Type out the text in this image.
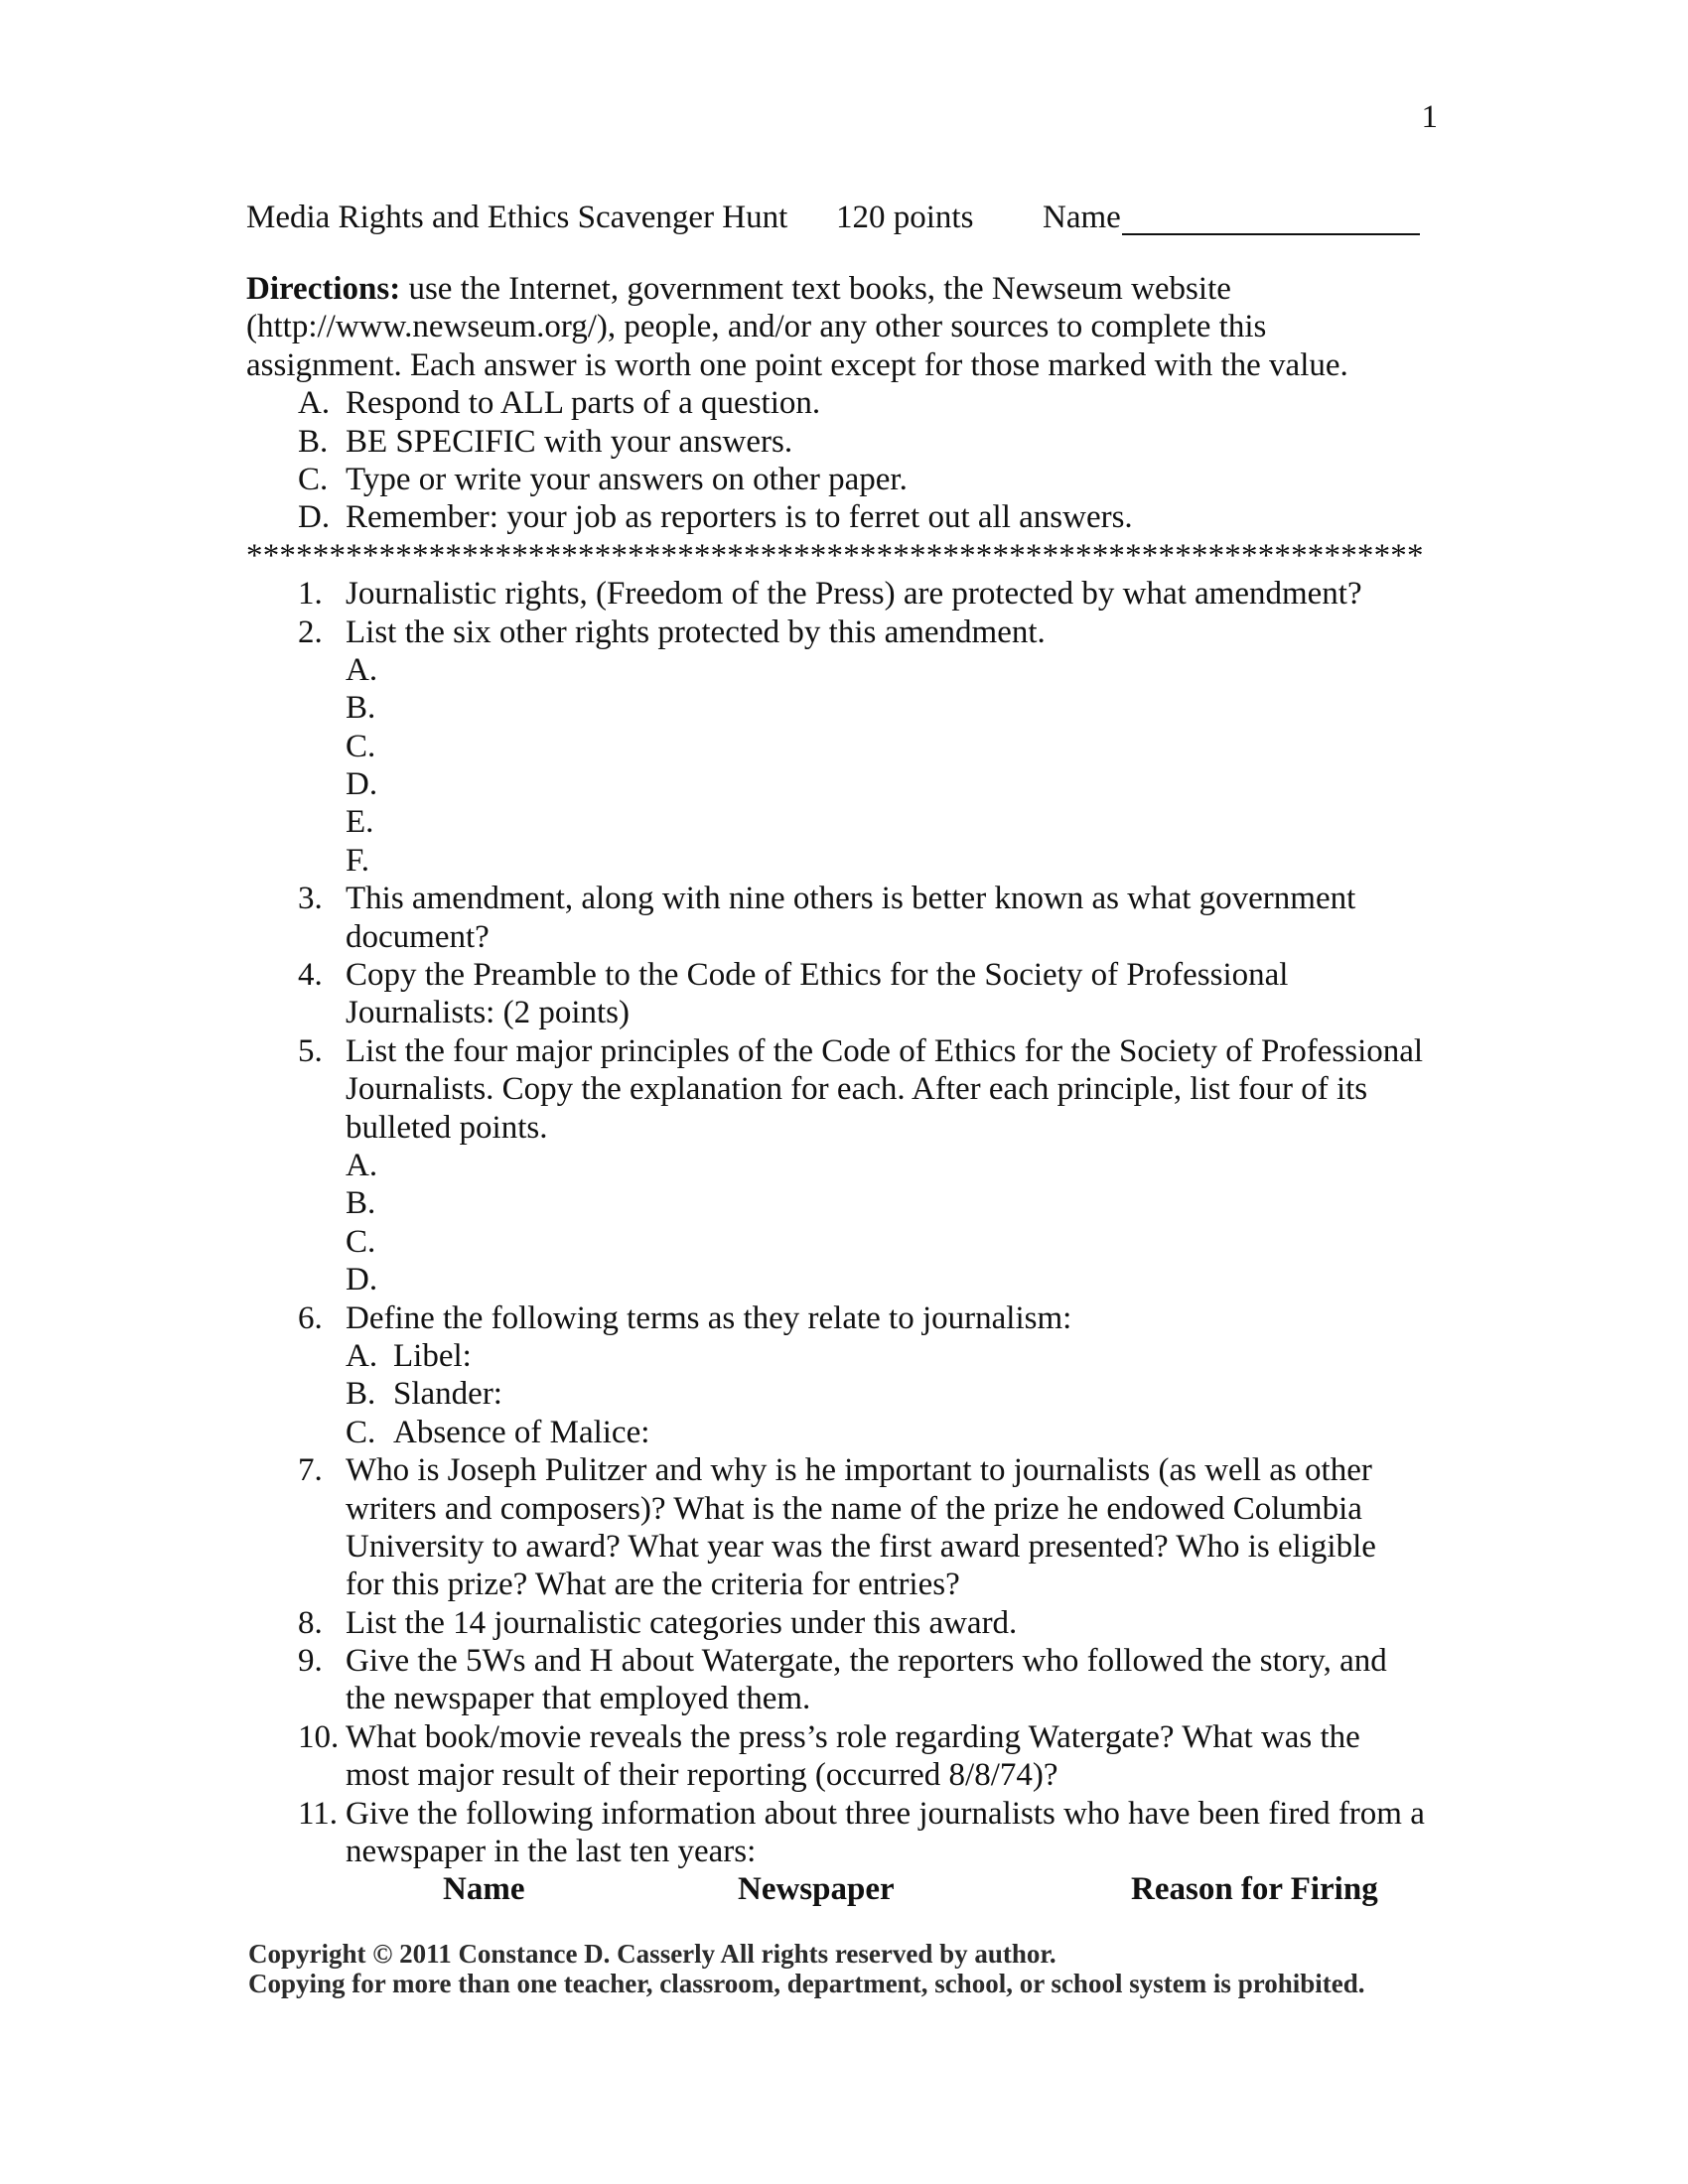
1
Media Rights and Ethics Scavenger Hunt 120 points Name
Directions: use the Internet, government text books, the Newseum website
(http://www.newseum.org/), people, and/or any other sources to complete this
assignment. Each answer is worth one point except for those marked with the value.
A. Respond to ALL parts of a question.
B. BE SPECIFIC with your answers.
C. Type or write your answers on other paper.
D. Remember: your job as reporters is to ferret out all answers.
***********************************************************************
1. Journalistic rights, (Freedom of the Press) are protected by what amendment?
2. List the six other rights protected by this amendment.
A.
B.
C.
D.
E.
F.
3. This amendment, along with nine others is better known as what government
document?
4. Copy the Preamble to the Code of Ethics for the Society of Professional
Journalists: (2 points)
5. List the four major principles of the Code of Ethics for the Society of Professional
Journalists. Copy the explanation for each. After each principle, list four of its
bulleted points.
A.
B.
C.
D.
6. Define the following terms as they relate to journalism:
A. Libel:
B. Slander:
C. Absence of Malice:
7. Who is Joseph Pulitzer and why is he important to journalists (as well as other
writers and composers)? What is the name of the prize he endowed Columbia
University to award? What year was the first award presented? Who is eligible
for this prize? What are the criteria for entries?
8. List the 14 journalistic categories under this award.
9. Give the 5Ws and H about Watergate, the reporters who followed the story, and
the newspaper that employed them.
10. What book/movie reveals the press’s role regarding Watergate? What was the
most major result of their reporting (occurred 8/8/74)?
11. Give the following information about three journalists who have been fired from a
newspaper in the last ten years:
Name	Newspaper	Reason for Firing
Copyright © 2011 Constance D. Casserly All rights reserved by author.
Copying for more than one teacher, classroom, department, school, or school system is prohibited.
